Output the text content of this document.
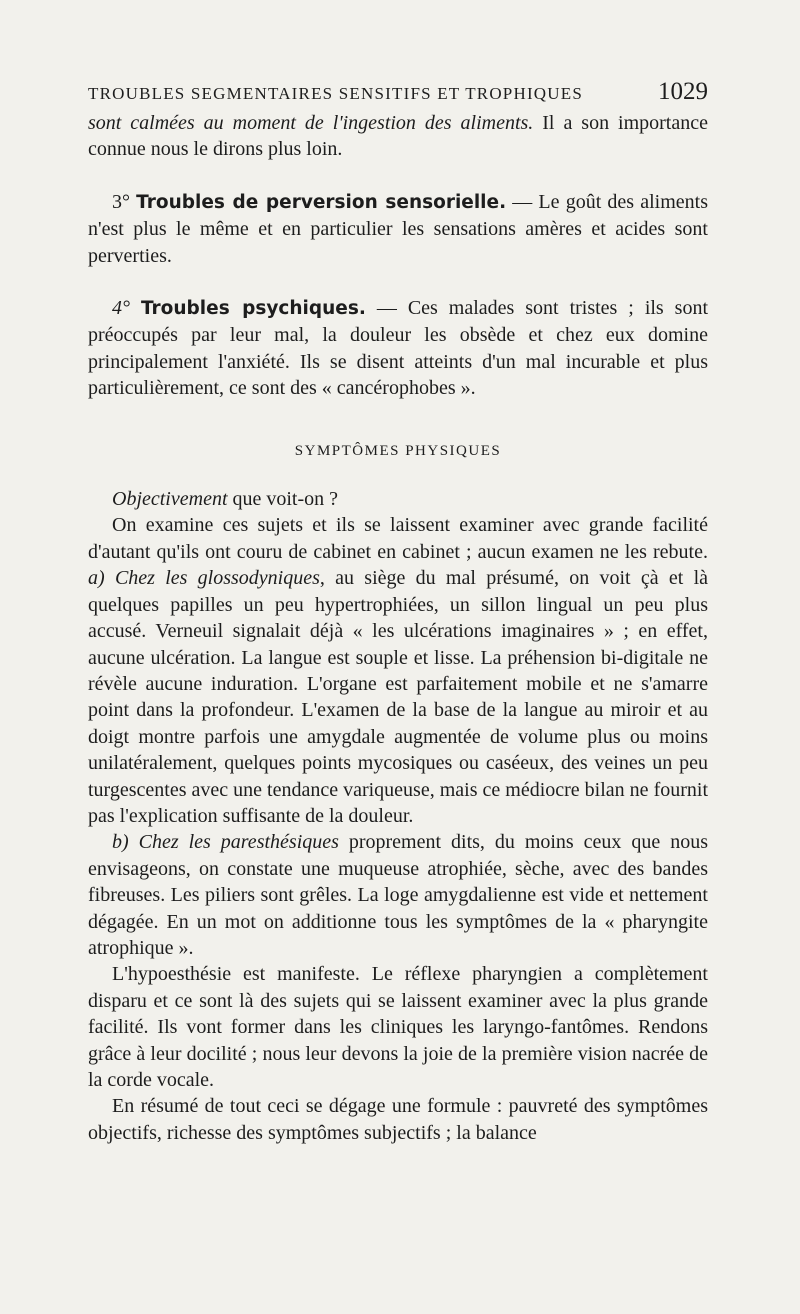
TROUBLES SEGMENTAIRES SENSITIFS ET TROPHIQUES	1029

sont calmées au moment de l'ingestion des aliments. Il a son importance connue nous le dirons plus loin.

3° Troubles de perversion sensorielle. — Le goût des aliments n'est plus le même et en particulier les sensations amères et acides sont perverties.

4° Troubles psychiques. — Ces malades sont tristes ; ils sont préoccupés par leur mal, la douleur les obsède et chez eux domine principalement l'anxiété. Ils se disent atteints d'un mal incurable et plus particulièrement, ce sont des « cancérophobes ».

SYMPTÔMES PHYSIQUES

Objectivement que voit-on ?

On examine ces sujets et ils se laissent examiner avec grande facilité d'autant qu'ils ont couru de cabinet en cabinet ; aucun examen ne les rebute. a) Chez les glossodyniques, au siège du mal présumé, on voit çà et là quelques papilles un peu hypertrophiées, un sillon lingual un peu plus accusé. Verneuil signalait déjà « les ulcérations imaginaires » ; en effet, aucune ulcération. La langue est souple et lisse. La préhension bi-digitale ne révèle aucune induration. L'organe est parfaitement mobile et ne s'amarre point dans la profondeur. L'examen de la base de la langue au miroir et au doigt montre parfois une amygdale augmentée de volume plus ou moins unilatéralement, quelques points mycosiques ou caséeux, des veines un peu turgescentes avec une tendance variqueuse, mais ce médiocre bilan ne fournit pas l'explication suffisante de la douleur.

b) Chez les paresthésiques proprement dits, du moins ceux que nous envisageons, on constate une muqueuse atrophiée, sèche, avec des bandes fibreuses. Les piliers sont grêles. La loge amygdalienne est vide et nettement dégagée. En un mot on additionne tous les symptômes de la « pharyngite atrophique ».

L'hypoesthésie est manifeste. Le réflexe pharyngien a complètement disparu et ce sont là des sujets qui se laissent examiner avec la plus grande facilité. Ils vont former dans les cliniques les laryngo-fantômes. Rendons grâce à leur docilité ; nous leur devons la joie de la première vision nacrée de la corde vocale.

En résumé de tout ceci se dégage une formule : pauvreté des symptômes objectifs, richesse des symptômes subjectifs ; la balance
